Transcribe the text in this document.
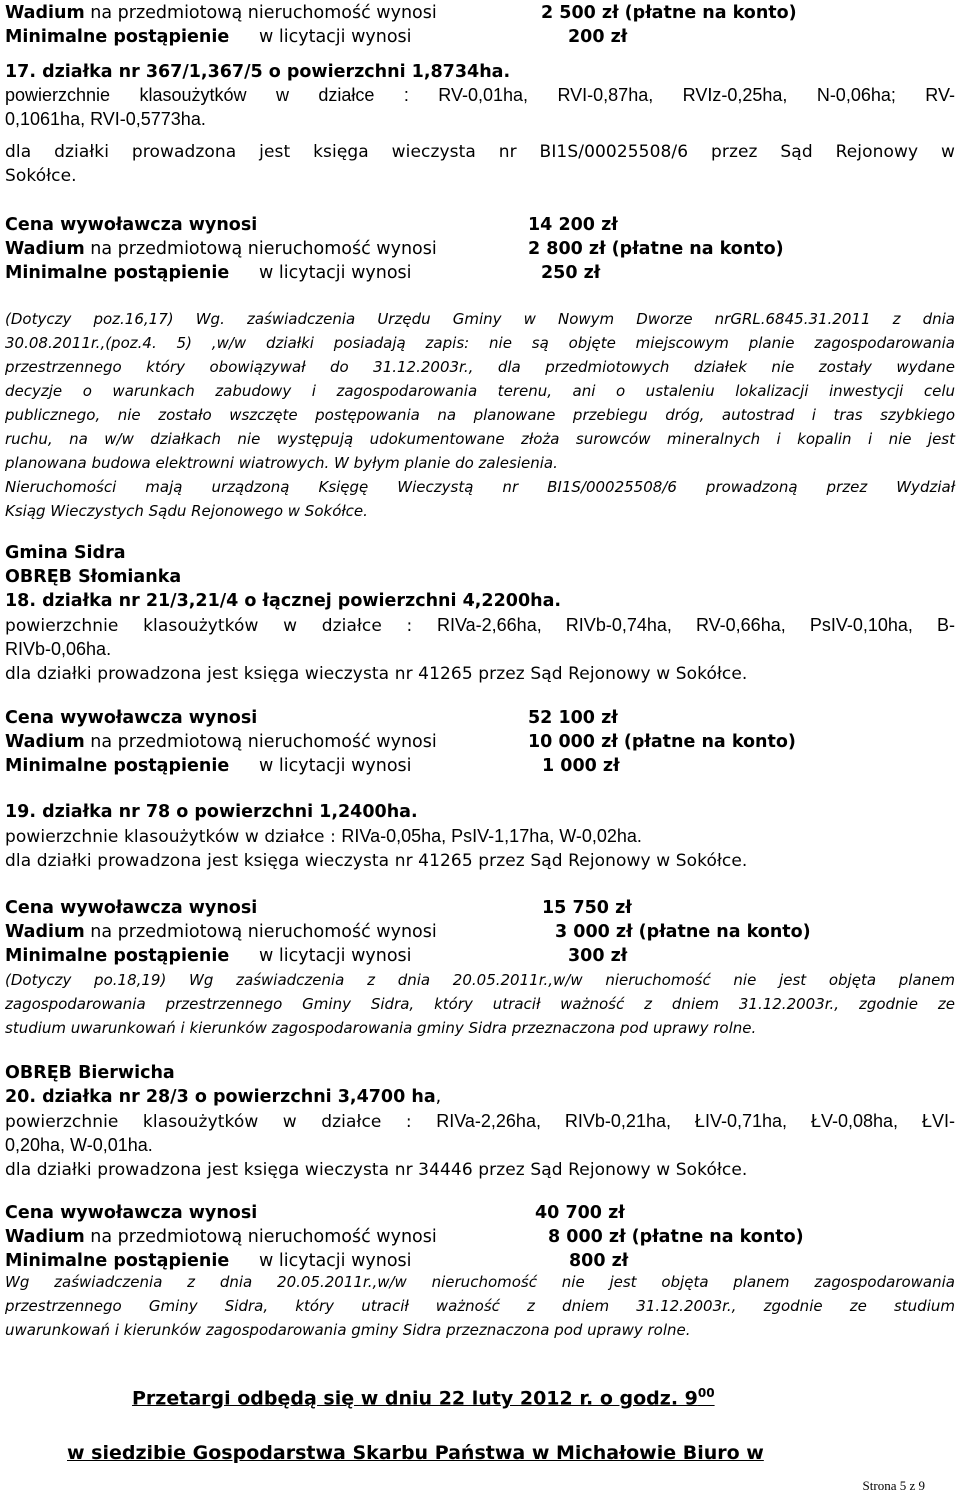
Wadium na przedmiotową nieruchomość wynosi	2 500 zł (płatne na konto)
Minimalne postąpienie w licytacji wynosi	200 zł
17. działka nr 367/1,367/5 o powierzchni 1,8734ha.
powierzchnie klasoużytków w działce : RV-0,01ha, RVI-0,87ha, RVIz-0,25ha, N-0,06ha; RV-
0,1061ha, RVI-0,5773ha.
dla działki prowadzona jest księga wieczysta nr BI1S/00025508/6 przez Sąd Rejonowy w
Sokółce.
Cena wywoławcza wynosi	14 200 zł
Wadium na przedmiotową nieruchomość wynosi	2 800 zł (płatne na konto)
Minimalne postąpienie w licytacji wynosi	250 zł
(Dotyczy poz.16,17) Wg. zaświadczenia Urzędu Gminy w Nowym Dworze nrGRL.6845.31.2011 z dnia
30.08.2011r.,(poz.4. 5) ,w/w działki posiadają zapis: nie są objęte miejscowym planie zagospodarowania
przestrzennego który obowiązywał do 31.12.2003r., dla przedmiotowych działek nie zostały wydane
decyzje o warunkach zabudowy i zagospodarowania terenu, ani o ustaleniu lokalizacji inwestycji celu
publicznego, nie zostało wszczęte postępowania na planowane przebiegu dróg, autostrad i tras szybkiego
ruchu, na w/w działkach nie występują udokumentowane złoża surowców mineralnych i kopalin i nie jest
planowana budowa elektrowni wiatrowych. W byłym planie do zalesienia.
Nieruchomości mają urządzoną Księgę Wieczystą nr BI1S/00025508/6 prowadzoną przez Wydział
Ksiąg Wieczystych Sądu Rejonowego w Sokółce.
Gmina Sidra
OBRĘB Słomianka
18. działka nr 21/3,21/4 o łącznej powierzchni 4,2200ha.
powierzchnie klasoużytków w działce : RIVa-2,66ha, RIVb-0,74ha, RV-0,66ha, PsIV-0,10ha, B-
RIVb-0,06ha.
dla działki prowadzona jest księga wieczysta nr 41265 przez Sąd Rejonowy w Sokółce.
Cena wywoławcza wynosi	52 100 zł
Wadium na przedmiotową nieruchomość wynosi	10 000 zł (płatne na konto)
Minimalne postąpienie w licytacji wynosi	1 000 zł
19. działka nr 78 o powierzchni 1,2400ha.
powierzchnie klasoużytków w działce : RIVa-0,05ha, PsIV-1,17ha, W-0,02ha.
dla działki prowadzona jest księga wieczysta nr 41265 przez Sąd Rejonowy w Sokółce.
Cena wywoławcza wynosi	15 750 zł
Wadium na przedmiotową nieruchomość wynosi	3 000 zł (płatne na konto)
Minimalne postąpienie w licytacji wynosi	300 zł
(Dotyczy po.18,19) Wg zaświadczenia z dnia 20.05.2011r.,w/w nieruchomość nie jest objęta planem
zagospodarowania przestrzennego Gminy Sidra, który utracił ważność z dniem 31.12.2003r., zgodnie ze
studium uwarunkowań i kierunków zagospodarowania gminy Sidra przeznaczona pod uprawy rolne.
OBRĘB Bierwicha
20. działka nr 28/3 o powierzchni 3,4700 ha,
powierzchnie klasoużytków w działce : RIVa-2,26ha, RIVb-0,21ha, ŁIV-0,71ha, ŁV-0,08ha, ŁVI-
0,20ha, W-0,01ha.
dla działki prowadzona jest księga wieczysta nr 34446 przez Sąd Rejonowy w Sokółce.
Cena wywoławcza wynosi	40 700 zł
Wadium na przedmiotową nieruchomość wynosi	8 000 zł (płatne na konto)
Minimalne postąpienie w licytacji wynosi	800 zł
Wg zaświadczenia z dnia 20.05.2011r.,w/w nieruchomość nie jest objęta planem zagospodarowania
przestrzennego Gminy Sidra, który utracił ważność z dniem 31.12.2003r., zgodnie ze studium
uwarunkowań i kierunków zagospodarowania gminy Sidra przeznaczona pod uprawy rolne.
Przetargi odbędą się w dniu 22 luty 2012 r. o godz. $9^{00}$
w siedzibie Gospodarstwa Skarbu Państwa w Michałowie Biuro w
Strona 5 z 9
